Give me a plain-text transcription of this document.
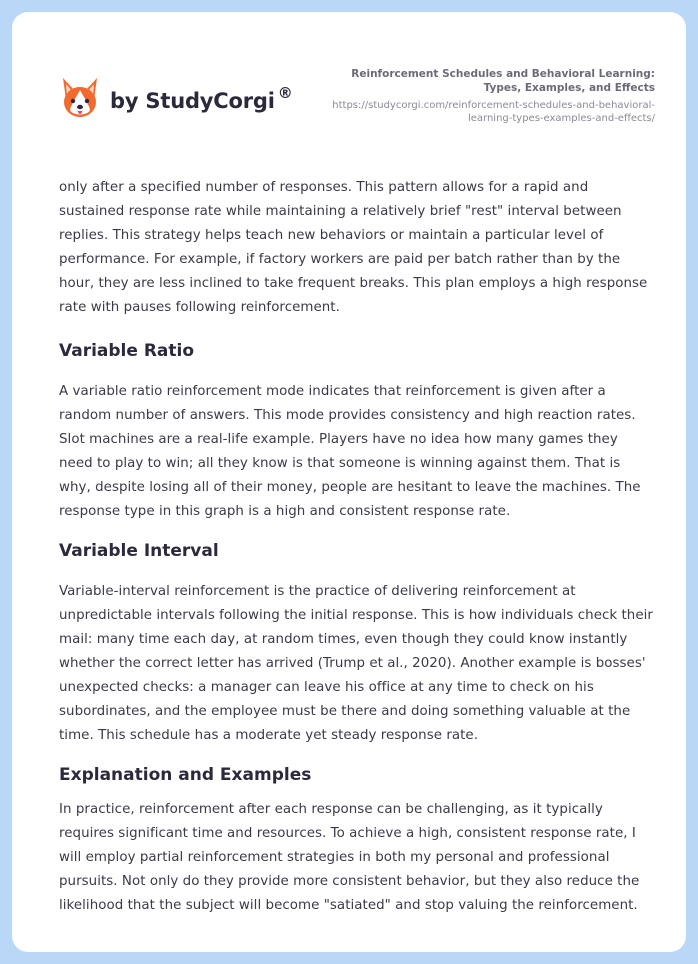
by StudyCorgi ®
Reinforcement Schedules and Behavioral Learning: Types, Examples, and Effects
https://studycorgi.com/reinforcement-schedules-and-behavioral-learning-types-examples-and-effects/

only after a specified number of responses. This pattern allows for a rapid and sustained response rate while maintaining a relatively brief "rest" interval between replies. This strategy helps teach new behaviors or maintain a particular level of performance. For example, if factory workers are paid per batch rather than by the hour, they are less inclined to take frequent breaks. This plan employs a high response rate with pauses following reinforcement.

Variable Ratio

A variable ratio reinforcement mode indicates that reinforcement is given after a random number of answers. This mode provides consistency and high reaction rates. Slot machines are a real-life example. Players have no idea how many games they need to play to win; all they know is that someone is winning against them. That is why, despite losing all of their money, people are hesitant to leave the machines. The response type in this graph is a high and consistent response rate.

Variable Interval

Variable-interval reinforcement is the practice of delivering reinforcement at unpredictable intervals following the initial response. This is how individuals check their mail: many time each day, at random times, even though they could know instantly whether the correct letter has arrived (Trump et al., 2020). Another example is bosses' unexpected checks: a manager can leave his office at any time to check on his subordinates, and the employee must be there and doing something valuable at the time. This schedule has a moderate yet steady response rate.

Explanation and Examples

In practice, reinforcement after each response can be challenging, as it typically requires significant time and resources. To achieve a high, consistent response rate, I will employ partial reinforcement strategies in both my personal and professional pursuits. Not only do they provide more consistent behavior, but they also reduce the likelihood that the subject will become "satiated" and stop valuing the reinforcement.
